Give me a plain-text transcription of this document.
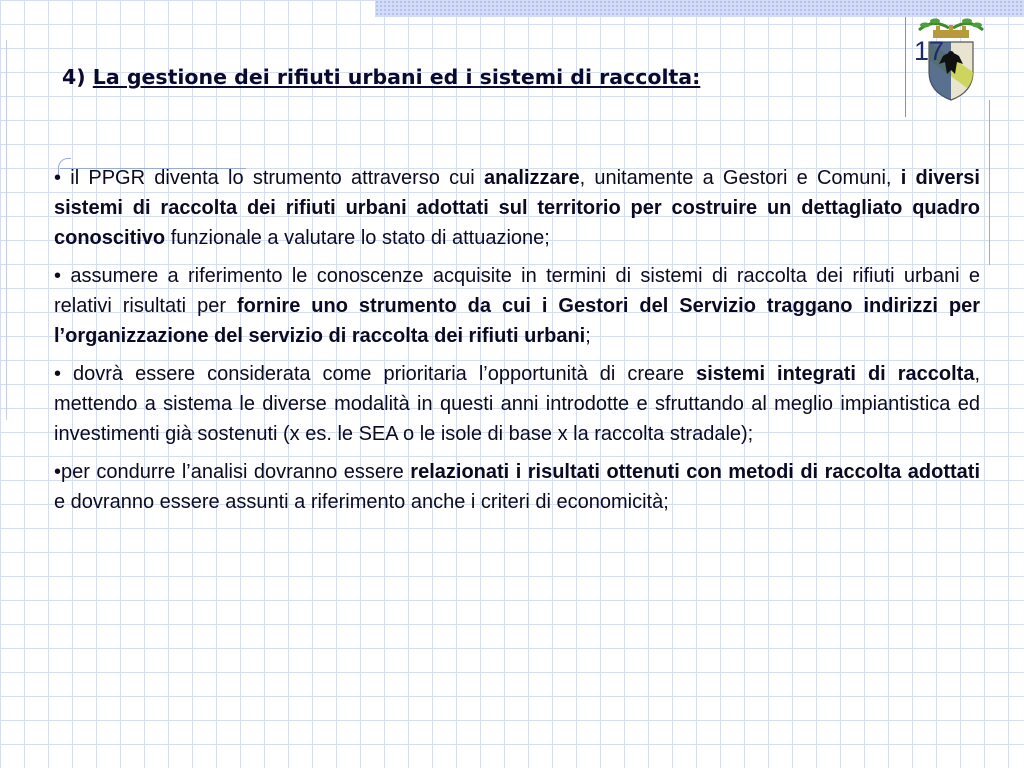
17
4) La gestione dei rifiuti urbani ed i sistemi di raccolta:

• il PPGR diventa lo strumento attraverso cui analizzare, unitamente a Gestori e Comuni, i diversi sistemi di raccolta dei rifiuti urbani adottati sul territorio per costruire un dettagliato quadro conoscitivo funzionale a valutare lo stato di attuazione;

• assumere a riferimento le conoscenze acquisite in termini di sistemi di raccolta dei rifiuti urbani e relativi risultati per fornire uno strumento da cui i Gestori del Servizio traggano indirizzi per l’organizzazione del servizio di raccolta dei rifiuti urbani;

• dovrà essere considerata come prioritaria l’opportunità di creare sistemi integrati di raccolta, mettendo a sistema le diverse modalità in questi anni introdotte e sfruttando al meglio impiantistica ed investimenti già sostenuti (x es. le SEA o le isole di base x la raccolta stradale);

•per condurre l’analisi dovranno essere relazionati i risultati ottenuti con metodi di raccolta adottati e dovranno essere assunti a riferimento anche i criteri di economicità;
